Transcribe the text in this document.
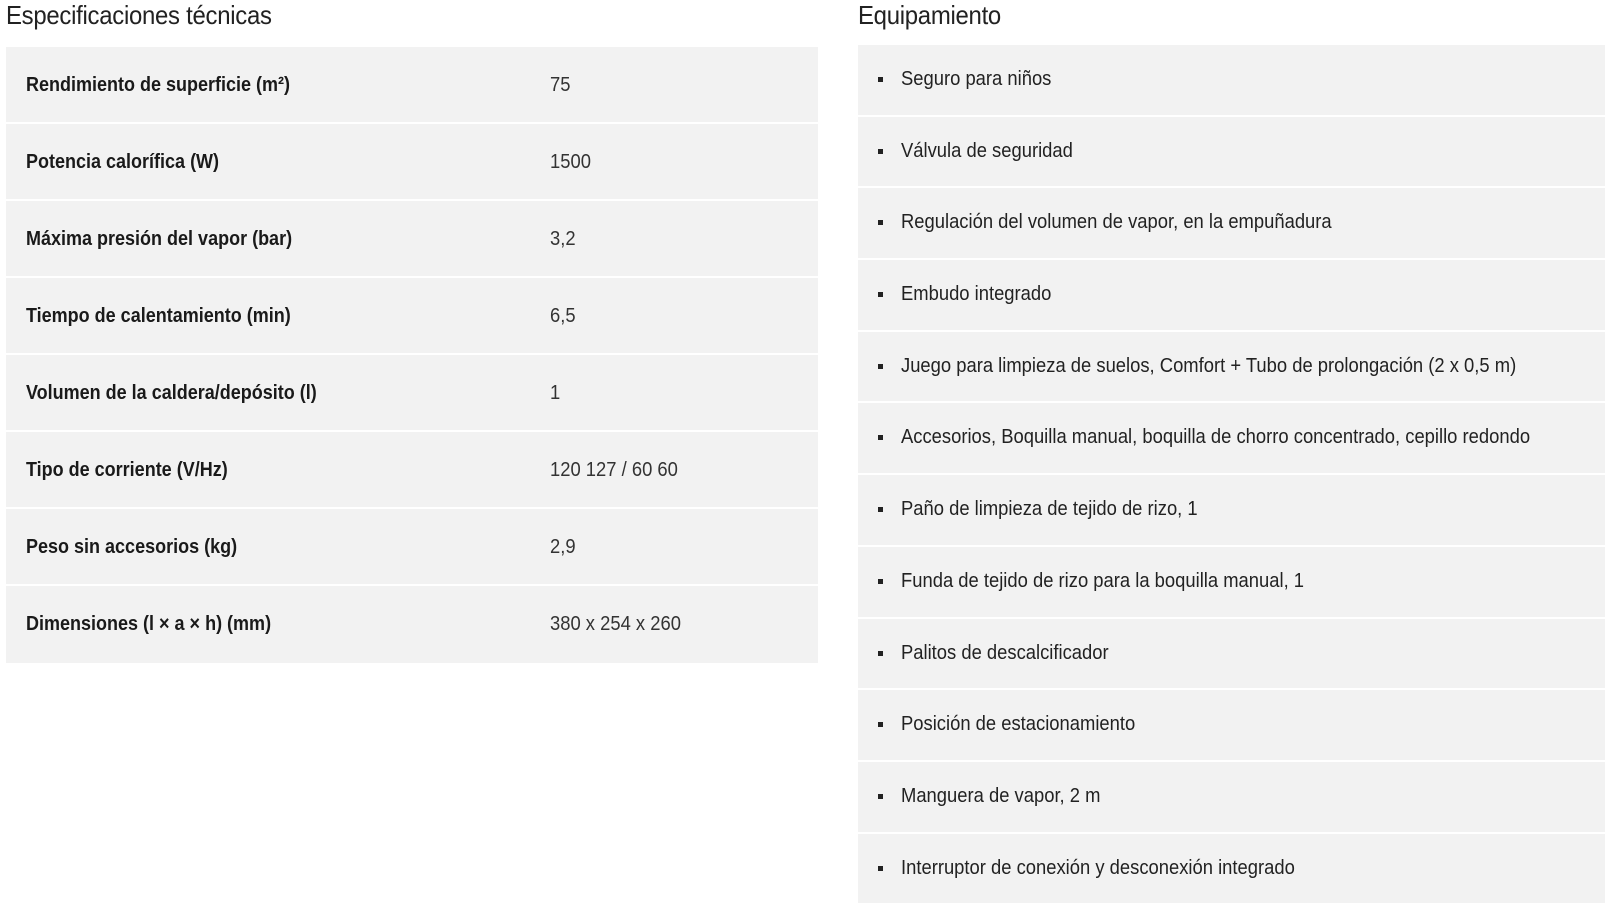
Especificaciones técnicas
Rendimiento de superficie (m²)	75
Potencia calorífica (W)	1500
Máxima presión del vapor (bar)	3,2
Tiempo de calentamiento (min)	6,5
Volumen de la caldera/depósito (l)	1
Tipo de corriente (V/Hz)	120 127 / 60 60
Peso sin accesorios (kg)	2,9
Dimensiones (l × a × h) (mm)	380 x 254 x 260
Equipamiento
Seguro para niños
Válvula de seguridad
Regulación del volumen de vapor, en la empuñadura
Embudo integrado
Juego para limpieza de suelos, Comfort + Tubo de prolongación (2 x 0,5 m)
Accesorios, Boquilla manual, boquilla de chorro concentrado, cepillo redondo
Paño de limpieza de tejido de rizo, 1
Funda de tejido de rizo para la boquilla manual, 1
Palitos de descalcificador
Posición de estacionamiento
Manguera de vapor, 2 m
Interruptor de conexión y desconexión integrado
